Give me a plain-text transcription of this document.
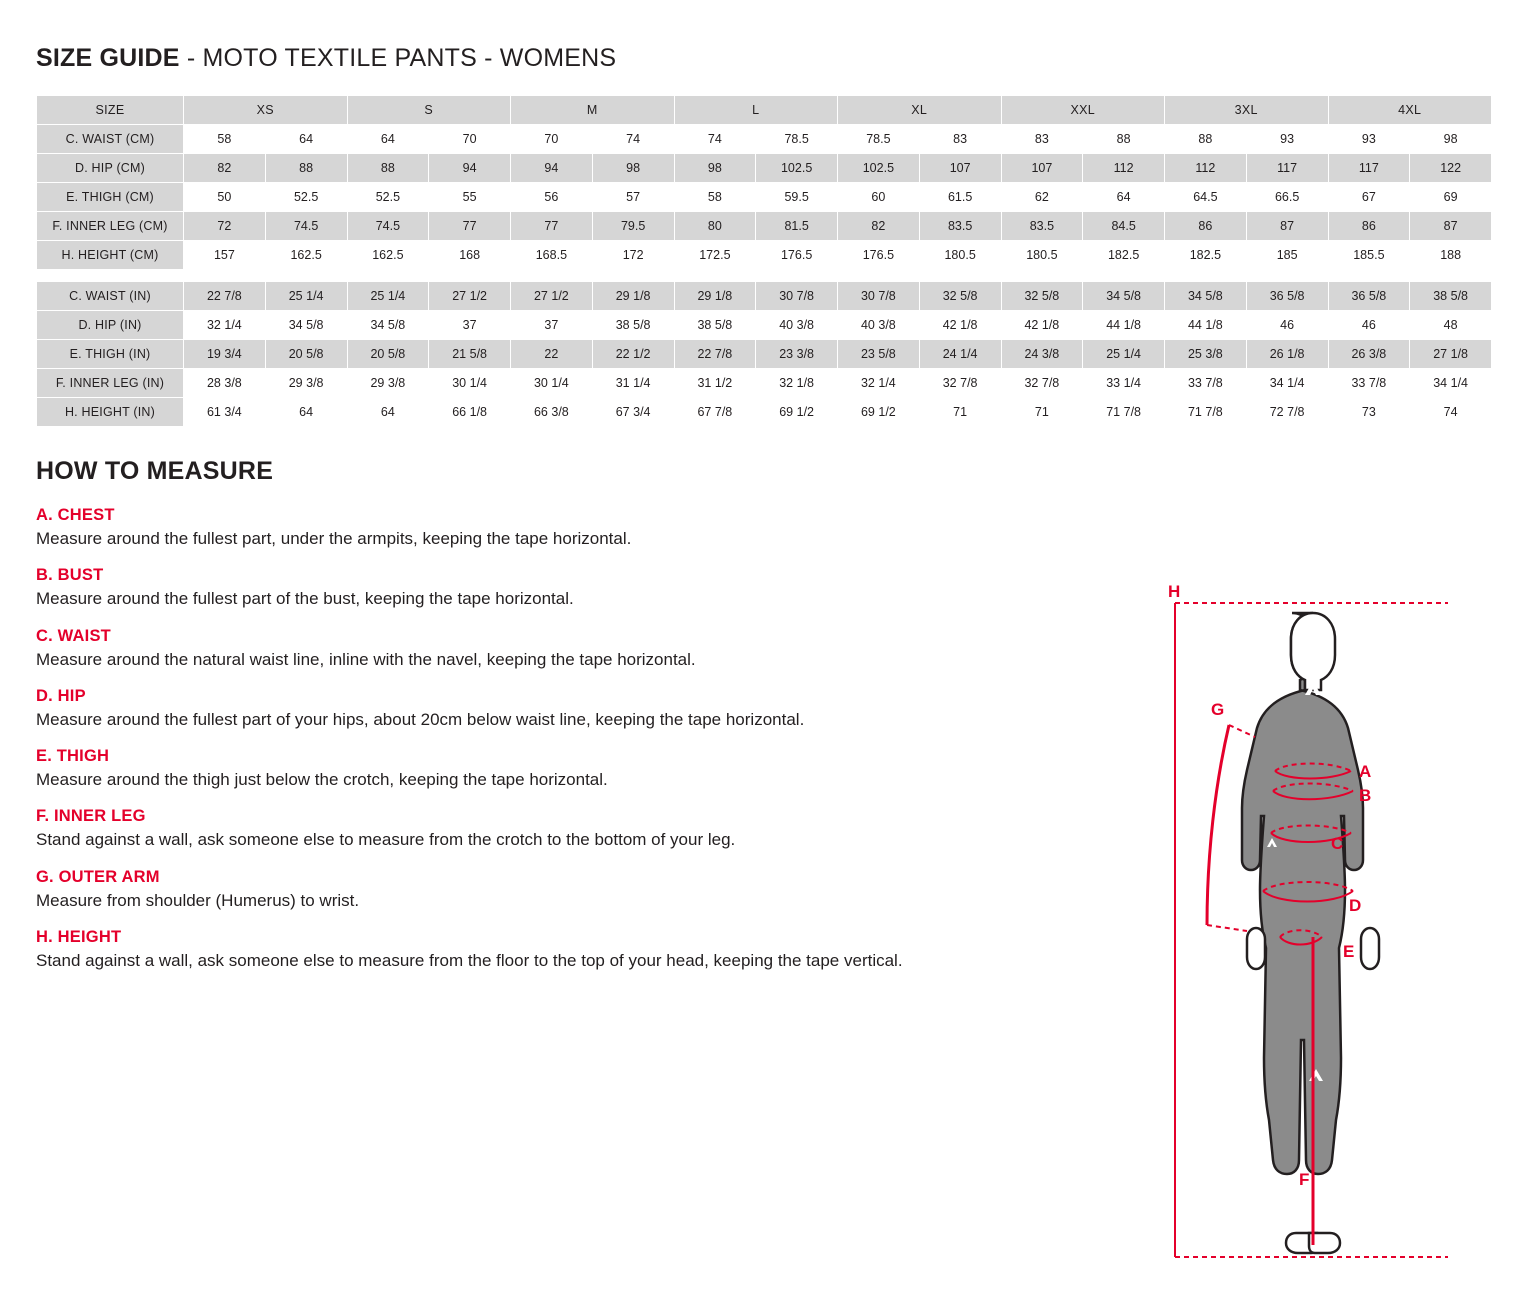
SIZE GUIDE - MOTO TEXTILE PANTS - WOMENS
SIZE	XS		S		M		L		XL		XXL		3XL		4XL	
C. WAIST (CM)	58	64	64	70	70	74	74	78.5	78.5	83	83	88	88	93	93	98
D. HIP (CM)	82	88	88	94	94	98	98	102.5	102.5	107	107	112	112	117	117	122
E. THIGH (CM)	50	52.5	52.5	55	56	57	58	59.5	60	61.5	62	64	64.5	66.5	67	69
F. INNER LEG (CM)	72	74.5	74.5	77	77	79.5	80	81.5	82	83.5	83.5	84.5	86	87	86	87
H. HEIGHT (CM)	157	162.5	162.5	168	168.5	172	172.5	176.5	176.5	180.5	180.5	182.5	182.5	185	185.5	188

C. WAIST (IN)	22 7/8	25 1/4	25 1/4	27 1/2	27 1/2	29 1/8	29 1/8	30 7/8	30 7/8	32 5/8	32 5/8	34 5/8	34 5/8	36 5/8	36 5/8	38 5/8
D. HIP (IN)	32 1/4	34 5/8	34 5/8	37	37	38 5/8	38 5/8	40 3/8	40 3/8	42 1/8	42 1/8	44 1/8	44 1/8	46	46	48
E. THIGH (IN)	19 3/4	20 5/8	20 5/8	21 5/8	22	22 1/2	22 7/8	23 3/8	23 5/8	24 1/4	24 3/8	25 1/4	25 3/8	26 1/8	26 3/8	27 1/8
F. INNER LEG (IN)	28 3/8	29 3/8	29 3/8	30 1/4	30 1/4	31 1/4	31 1/2	32 1/8	32 1/4	32 7/8	32 7/8	33 1/4	33 7/8	34 1/4	33 7/8	34 1/4
H. HEIGHT (IN)	61 3/4	64	64	66 1/8	66 3/8	67 3/4	67 7/8	69 1/2	69 1/2	71	71	71 7/8	71 7/8	72 7/8	73	74
HOW TO MEASURE
A. CHEST
Measure around the fullest part, under the armpits, keeping the tape horizontal.
B. BUST
Measure around the fullest part of the bust, keeping the tape horizontal.
C. WAIST
Measure around the natural waist line, inline with the navel, keeping the tape horizontal.
D. HIP
Measure around the fullest part of your hips, about 20cm below waist line, keeping the tape horizontal.
E. THIGH
Measure around the thigh just below the crotch, keeping the tape horizontal.
F. INNER LEG
Stand against a wall, ask someone else to measure from the crotch to the bottom of your leg.
G. OUTER ARM
Measure from shoulder (Humerus) to wrist.
H. HEIGHT
Stand against a wall, ask someone else to measure from the floor to the top of your head, keeping the tape vertical.
H
G
A
B
C
D
E
F
